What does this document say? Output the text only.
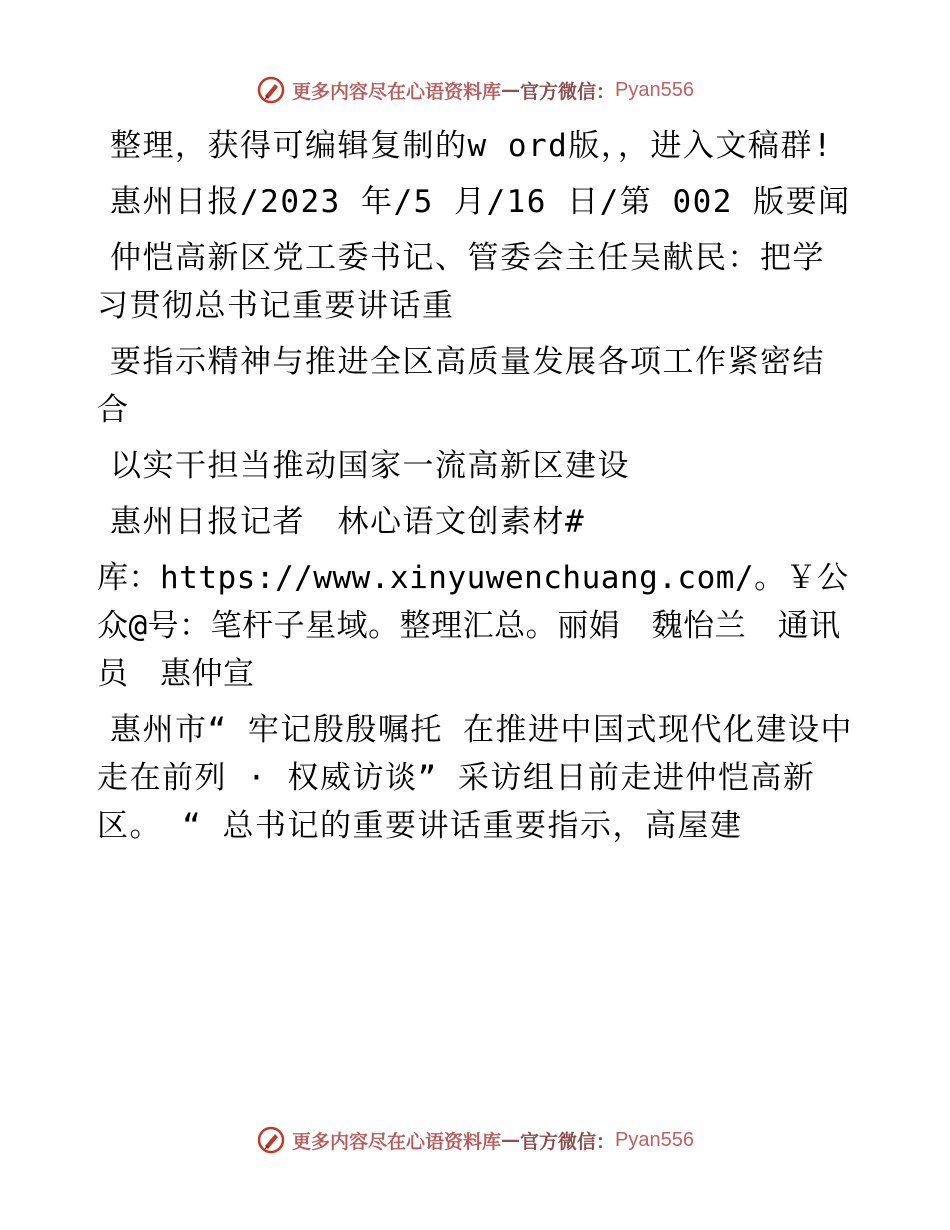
更多内容尽在心语资料库 — 官方微信： Pyan556

整理，获得可编辑复制的w ord版，，进入文稿群!

惠州日报/2023 年/5 月/16 日/第 002 版要闻

仲恺高新区党工委书记、管委会主任吴献民：把学习贯彻总书记重要讲话重

要指示精神与推进全区高质量发展各项工作紧密结合

以实干担当推动国家一流高新区建设

惠州日报记者　林心语文创素材#

库：https://www.xinyuwenchuang.com/。￥公众@号：笔杆子星域。整理汇总。丽娟　魏怡兰　通讯员　惠仲宣

惠州市“ 牢记殷殷嘱托 在推进中国式现代化建设中走在前列 · 权威访谈” 采访组日前走进仲恺高新区。 “ 总书记的重要讲话重要指示，高屋建

更多内容尽在心语资料库 — 官方微信： Pyan556
